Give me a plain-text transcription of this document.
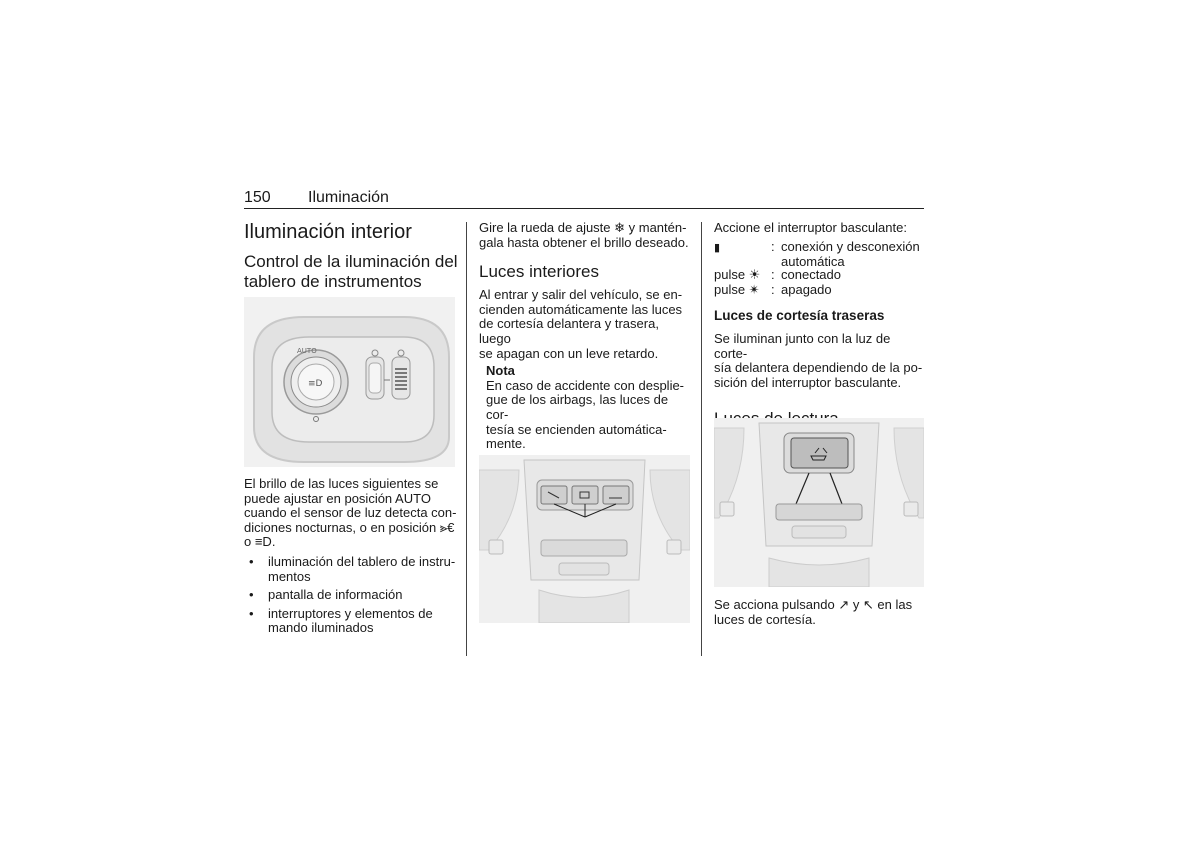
150 Iluminación
Iluminación interior
Control de la iluminación del tablero de instrumentos
≡D
AUTO

El brillo de las luces siguientes se

puede ajustar en posición AUTO

cuando el sensor de luz detecta con-

diciones nocturnas, o en posición ⪢€

o ≡D.

• iluminación del tablero de instru- mentos
• pantalla de información
• interruptores y elementos de mando iluminados

Gire la rueda de ajuste ❄ y mantén-

gala hasta obtener el brillo deseado.

Luces interiores

Al entrar y salir del vehículo, se en-

cienden automáticamente las luces

de cortesía delantera y trasera, luego

se apagan con un leve retardo.

Nota

En caso de accidente con desplie-

gue de los airbags, las luces de cor-

tesía se encienden automática-

mente.

Accione el interruptor basculante:

▮	: conexión y desconexión

automática

pulse ☀ : conectado
pulse ✴ : apagado
Luces de cortesía traseras

Se iluminan junto con la luz de corte-

sía delantera dependiendo de la po-

sición del interruptor basculante.

Se acciona pulsando ↗ y ↖ en las

luces de cortesía.
